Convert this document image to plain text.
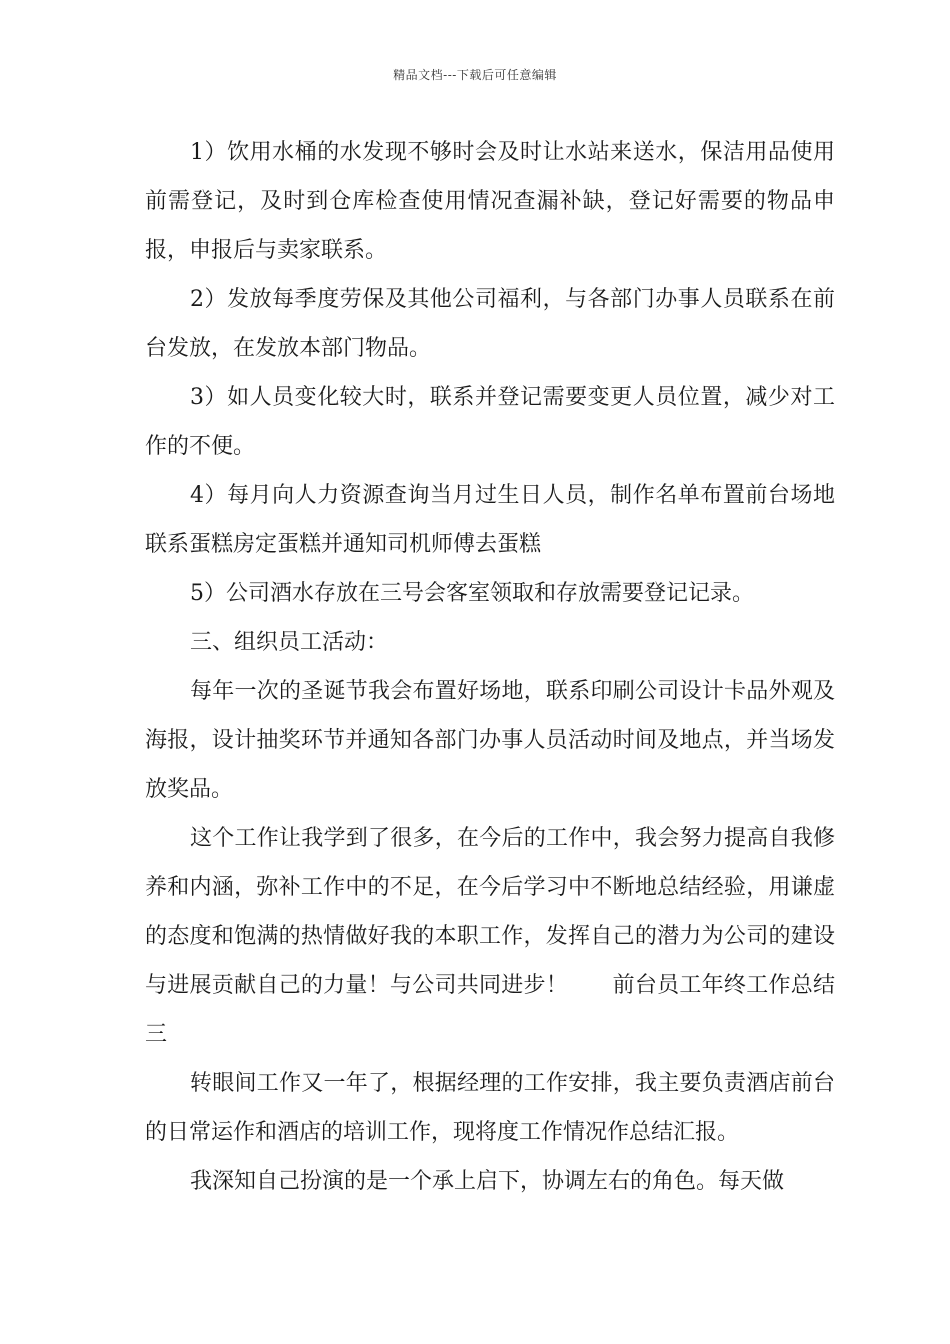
精品文档---下载后可任意编辑

1）饮用水桶的水发现不够时会及时让水站来送水，保洁用品使用前需登记，及时到仓库检查使用情况查漏补缺，登记好需要的物品申报，申报后与卖家联系。

2）发放每季度劳保及其他公司福利，与各部门办事人员联系在前台发放，在发放本部门物品。

3）如人员变化较大时，联系并登记需要变更人员位置，减少对工作的不便。

4）每月向人力资源查询当月过生日人员，制作名单布置前台场地联系蛋糕房定蛋糕并通知司机师傅去蛋糕

5）公司酒水存放在三号会客室领取和存放需要登记记录。

三、组织员工活动：

每年一次的圣诞节我会布置好场地，联系印刷公司设计卡品外观及海报，设计抽奖环节并通知各部门办事人员活动时间及地点，并当场发放奖品。

这个工作让我学到了很多，在今后的工作中，我会努力提高自我修养和内涵，弥补工作中的不足，在今后学习中不断地总结经验，用谦虚的态度和饱满的热情做好我的本职工作，发挥自己的潜力为公司的建设与进展贡献自己的力量！与公司共同进步！　　前台员工年终工作总结三

转眼间工作又一年了，根据经理的工作安排，我主要负责酒店前台的日常运作和酒店的培训工作，现将度工作情况作总结汇报。

我深知自己扮演的是一个承上启下，协调左右的角色。每天做
